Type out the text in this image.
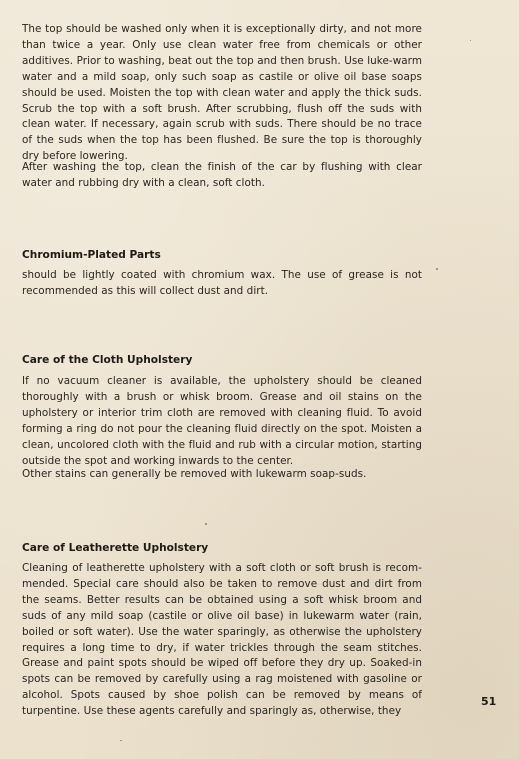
The top should be washed only when it is exceptionally dirty, and not more than twice a year. Only use clean water free from chemicals or other additives. Prior to washing, beat out the top and then brush. Use luke-warm water and a mild soap, only such soap as castile or olive oil base soaps should be used. Moisten the top with clean water and apply the thick suds. Scrub the top with a soft brush. After scrubbing, flush off the suds with clean water. If necessary, again scrub with suds. There should be no trace of the suds when the top has been flushed. Be sure the top is thoroughly dry before lowering.

After washing the top, clean the finish of the car by flushing with clear water and rubbing dry with a clean, soft cloth.

Chromium-Plated Parts

should be lightly coated with chromium wax. The use of grease is not recommended as this will collect dust and dirt.

Care of the Cloth Upholstery

If no vacuum cleaner is available, the upholstery should be cleaned thoroughly with a brush or whisk broom. Grease and oil stains on the upholstery or interior trim cloth are removed with cleaning fluid. To avoid forming a ring do not pour the cleaning fluid directly on the spot. Moisten a clean, uncolored cloth with the fluid and rub with a circular motion, starting outside the spot and working inwards to the center.

Other stains can generally be removed with lukewarm soap-suds.

Care of Leatherette Upholstery

Cleaning of leatherette upholstery with a soft cloth or soft brush is recom-mended. Special care should also be taken to remove dust and dirt from the seams. Better results can be obtained using a soft whisk broom and suds of any mild soap (castile or olive oil base) in lukewarm water (rain, boiled or soft water). Use the water sparingly, as otherwise the upholstery requires a long time to dry, if water trickles through the seam stitches. Grease and paint spots should be wiped off before they dry up. Soaked-in spots can be removed by carefully using a rag moistened with gasoline or alcohol. Spots caused by shoe polish can be removed by means of turpentine. Use these agents carefully and sparingly as, otherwise, they

51
